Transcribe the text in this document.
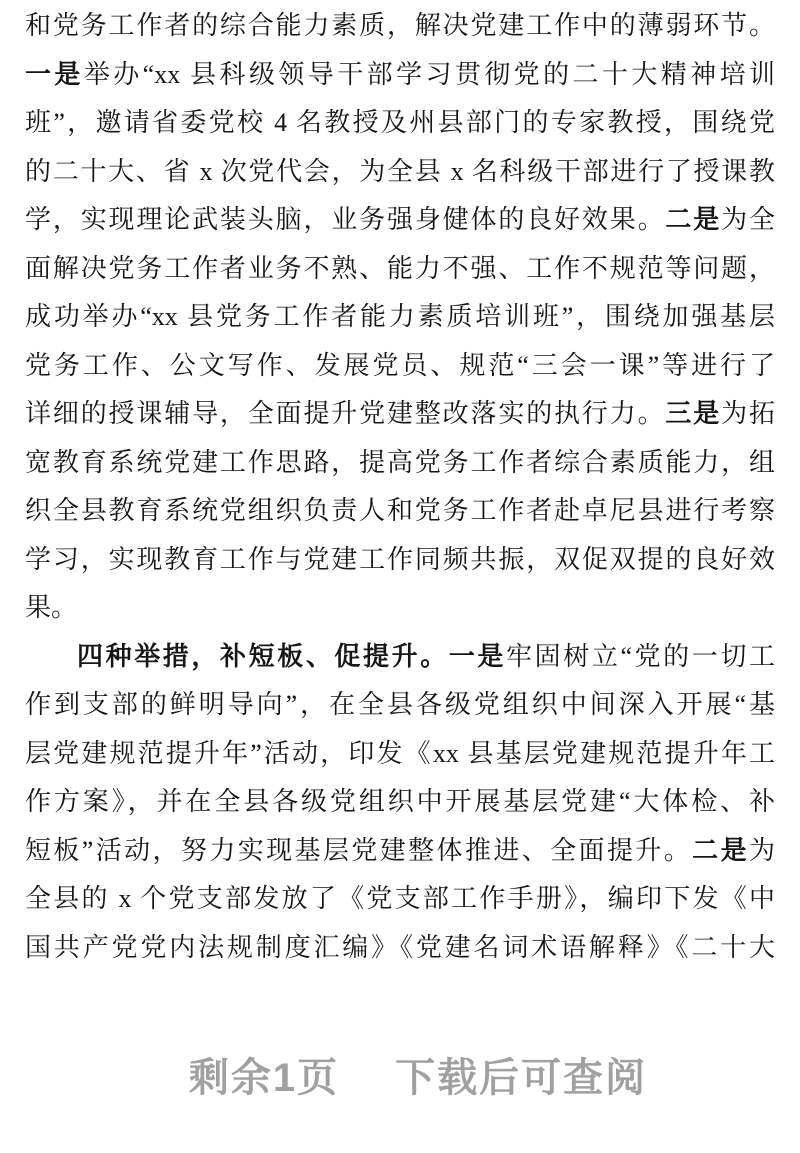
和党务工作者的综合能力素质，解决党建工作中的薄弱环节。
一是举办“xx 县科级领导干部学习贯彻党的二十大精神培训
班”，邀请省委党校 4 名教授及州县部门的专家教授，围绕党
的二十大、省 x 次党代会，为全县 x 名科级干部进行了授课教
学，实现理论武装头脑，业务强身健体的良好效果。二是为全
面解决党务工作者业务不熟、能力不强、工作不规范等问题，
成功举办“xx 县党务工作者能力素质培训班”，围绕加强基层
党务工作、公文写作、发展党员、规范“三会一课”等进行了
详细的授课辅导，全面提升党建整改落实的执行力。三是为拓
宽教育系统党建工作思路，提高党务工作者综合素质能力，组
织全县教育系统党组织负责人和党务工作者赴卓尼县进行考察
学习，实现教育工作与党建工作同频共振，双促双提的良好效
果。
四种举措，补短板、促提升。一是牢固树立“党的一切工
作到支部的鲜明导向”，在全县各级党组织中间深入开展“基
层党建规范提升年”活动，印发《xx 县基层党建规范提升年工
作方案》，并在全县各级党组织中开展基层党建“大体检、补
短板”活动，努力实现基层党建整体推进、全面提升。二是为
全县的 x 个党支部发放了《党支部工作手册》，编印下发《中
国共产党党内法规制度汇编》《党建名词术语解释》《二十大
剩余1页 下载后可查阅
